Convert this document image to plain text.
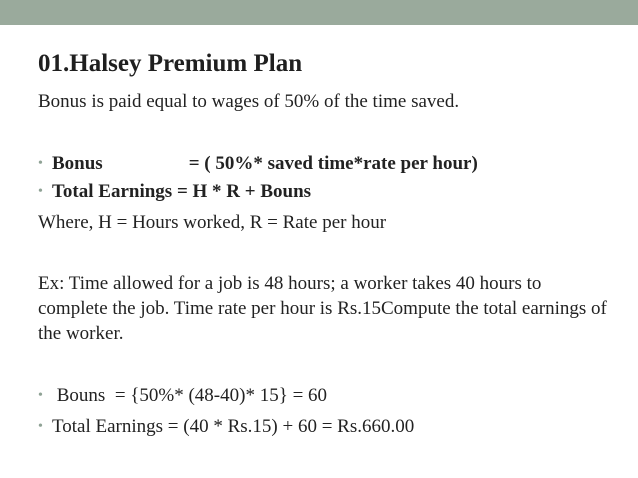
01.Halsey Premium Plan
Bonus is paid equal to wages of 50% of the time saved.
• Bonus	= ( 50%* saved time*rate per hour)
• Total Earnings = H * R + Bouns
Where, H = Hours worked, R = Rate per hour
Ex: Time allowed for a job is 48 hours; a worker takes 40 hours to complete the job. Time rate per hour is Rs.15Compute the total earnings of the worker.
• Bouns  = {50%* (48-40)* 15} = 60
• Total Earnings = (40 * Rs.15) + 60 = Rs.660.00
